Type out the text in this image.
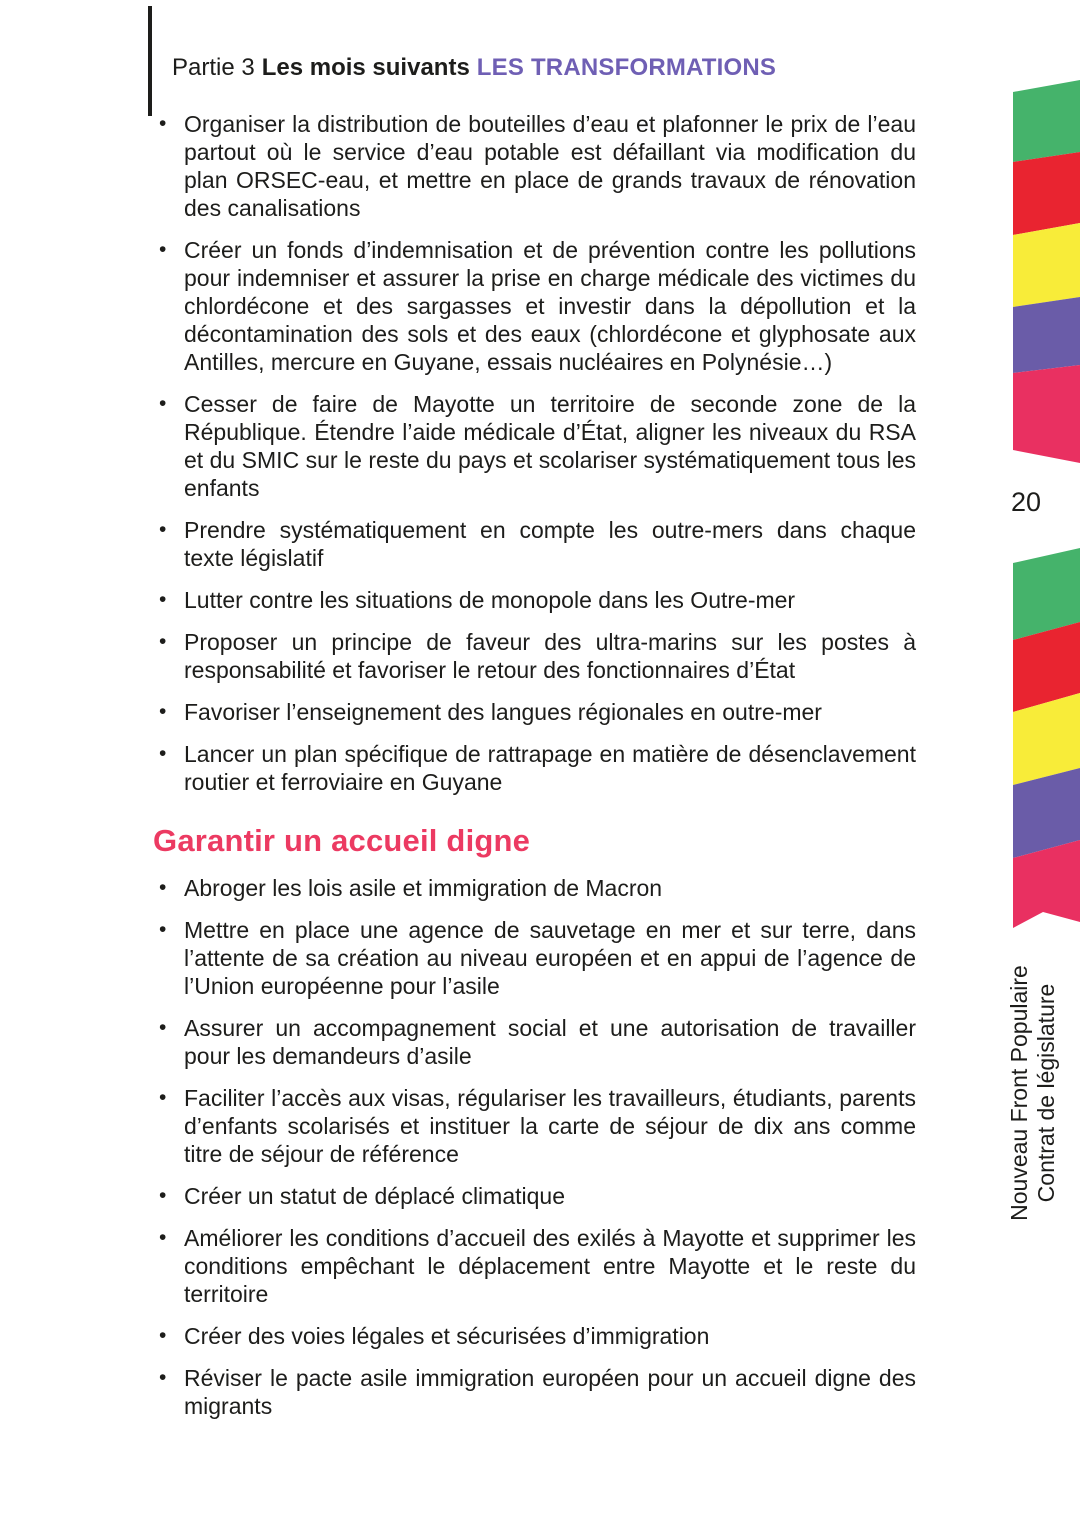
Partie 3 Les mois suivants LES TRANSFORMATIONS
• Organiser la distribution de bouteilles d’eau et plafonner le prix de l’eau partout où le service d’eau potable est défaillant via modification du plan ORSEC-eau, et mettre en place de grands travaux de rénovation des canalisations
• Créer un fonds d’indemnisation et de prévention contre les pollutions pour indemniser et assurer la prise en charge médicale des victimes du chlordécone et des sargasses et investir dans la dépollution et la décontamination des sols et des eaux (chlordécone et glyphosate aux Antilles, mercure en Guyane, essais nucléaires en Polynésie…)
• Cesser de faire de Mayotte un territoire de seconde zone de la République. Étendre l’aide médicale d’État, aligner les niveaux du RSA et du SMIC sur le reste du pays et scolariser systématiquement tous les enfants
• Prendre systématiquement en compte les outre-mers dans chaque texte législatif
• Lutter contre les situations de monopole dans les Outre-mer
• Proposer un principe de faveur des ultra-marins sur les postes à responsabilité et favoriser le retour des fonctionnaires d’État
• Favoriser l’enseignement des langues régionales en outre-mer
• Lancer un plan spécifique de rattrapage en matière de désenclavement routier et ferroviaire en Guyane
Garantir un accueil digne
• Abroger les lois asile et immigration de Macron
• Mettre en place une agence de sauvetage en mer et sur terre, dans l’attente de sa création au niveau européen et en appui de l’agence de l’Union européenne pour l’asile
• Assurer un accompagnement social et une autorisation de travailler pour les demandeurs d’asile
• Faciliter l’accès aux visas, régulariser les travailleurs, étudiants, parents d’enfants scolarisés et instituer la carte de séjour de dix ans comme titre de séjour de référence
• Créer un statut de déplacé climatique
• Améliorer les conditions d’accueil des exilés à Mayotte et supprimer les conditions empêchant le déplacement entre Mayotte et le reste du territoire
• Créer des voies légales et sécurisées d’immigration
• Réviser le pacte asile immigration européen pour un accueil digne des migrants
20
Nouveau Front Populaire Contrat de législature
